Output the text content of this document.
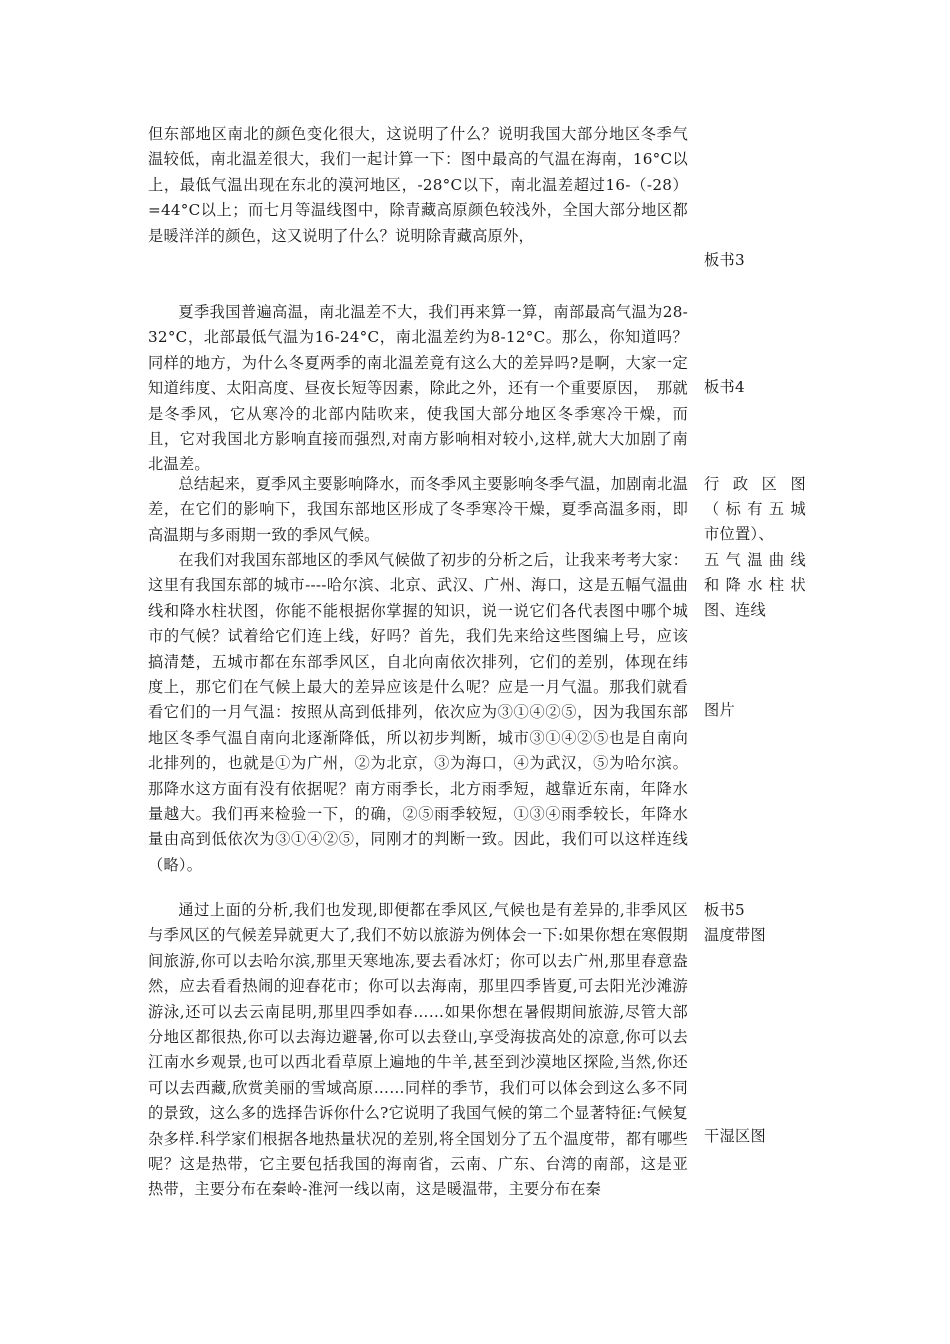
但东部地区南北的颜色变化很大，这说明了什么？说明我国大部分地区冬季气温较低，南北温差很大，我们一起计算一下：图中最高的气温在海南，16°C以上，最低气温出现在东北的漠河地区，-28°C以下，南北温差超过16-（-28）=44°C以上；而七月等温线图中，除青藏高原颜色较浅外，全国大部分地区都是暖洋洋的颜色，这又说明了什么？说明除青藏高原外，

夏季我国普遍高温，南北温差不大，我们再来算一算，南部最高气温为28-32°C，北部最低气温为16-24°C，南北温差约为8-12°C。那么，你知道吗？同样的地方，为什么冬夏两季的南北温差竟有这么大的差异吗?是啊，大家一定知道纬度、太阳高度、昼夜长短等因素，除此之外，还有一个重要原因，　那就是冬季风，它从寒冷的北部内陆吹来，使我国大部分地区冬季寒冷干燥，而且，它对我国北方影响直接而强烈,对南方影响相对较小,这样,就大大加剧了南北温差。

总结起来，夏季风主要影响降水，而冬季风主要影响冬季气温，加剧南北温差，在它们的影响下，我国东部地区形成了冬季寒冷干燥，夏季高温多雨，即高温期与多雨期一致的季风气候。

在我们对我国东部地区的季风气候做了初步的分析之后，让我来考考大家：这里有我国东部的城市----哈尔滨、北京、武汉、广州、海口，这是五幅气温曲线和降水柱状图，你能不能根据你掌握的知识，说一说它们各代表图中哪个城市的气候？试着给它们连上线，好吗？首先，我们先来给这些图编上号，应该搞清楚，五城市都在东部季风区，自北向南依次排列，它们的差别，体现在纬度上，那它们在气候上最大的差异应该是什么呢？应是一月气温。那我们就看看它们的一月气温：按照从高到低排列，依次应为③①④②⑤，因为我国东部地区冬季气温自南向北逐渐降低，所以初步判断，城市③①④②⑤也是自南向北排列的，也就是①为广州，②为北京，③为海口，④为武汉，⑤为哈尔滨。那降水这方面有没有依据呢？南方雨季长，北方雨季短，越靠近东南，年降水量越大。我们再来检验一下，的确，②⑤雨季较短，①③④雨季较长，年降水量由高到低依次为③①④②⑤，同刚才的判断一致。因此，我们可以这样连线（略）。

通过上面的分析,我们也发现,即便都在季风区,气候也是有差异的,非季风区与季风区的气候差异就更大了,我们不妨以旅游为例体会一下:如果你想在寒假期间旅游,你可以去哈尔滨,那里天寒地冻,要去看冰灯；你可以去广州,那里春意盎然，应去看看热闹的迎春花市；你可以去海南，那里四季皆夏,可去阳光沙滩游游泳,还可以去云南昆明,那里四季如春……如果你想在暑假期间旅游,尽管大部分地区都很热,你可以去海边避暑,你可以去登山,享受海拔高处的凉意,你可以去江南水乡观景,也可以西北看草原上遍地的牛羊,甚至到沙漠地区探险,当然,你还可以去西藏,欣赏美丽的雪域高原……同样的季节，我们可以体会到这么多不同的景致，这么多的选择告诉你什么?它说明了我国气候的第二个显著特征:气候复杂多样.科学家们根据各地热量状况的差别,将全国划分了五个温度带，都有哪些呢？这是热带，它主要包括我国的海南省，云南、广东、台湾的南部，这是亚热带，主要分布在秦岭-淮河一线以南，这是暖温带，主要分布在秦

板书3
板书4
行 政 区 图
（ 标 有 五 城
市位置）、
五 气 温 曲 线
和 降 水 柱 状
图、连线
图片
板书5
温度带图
干湿区图
